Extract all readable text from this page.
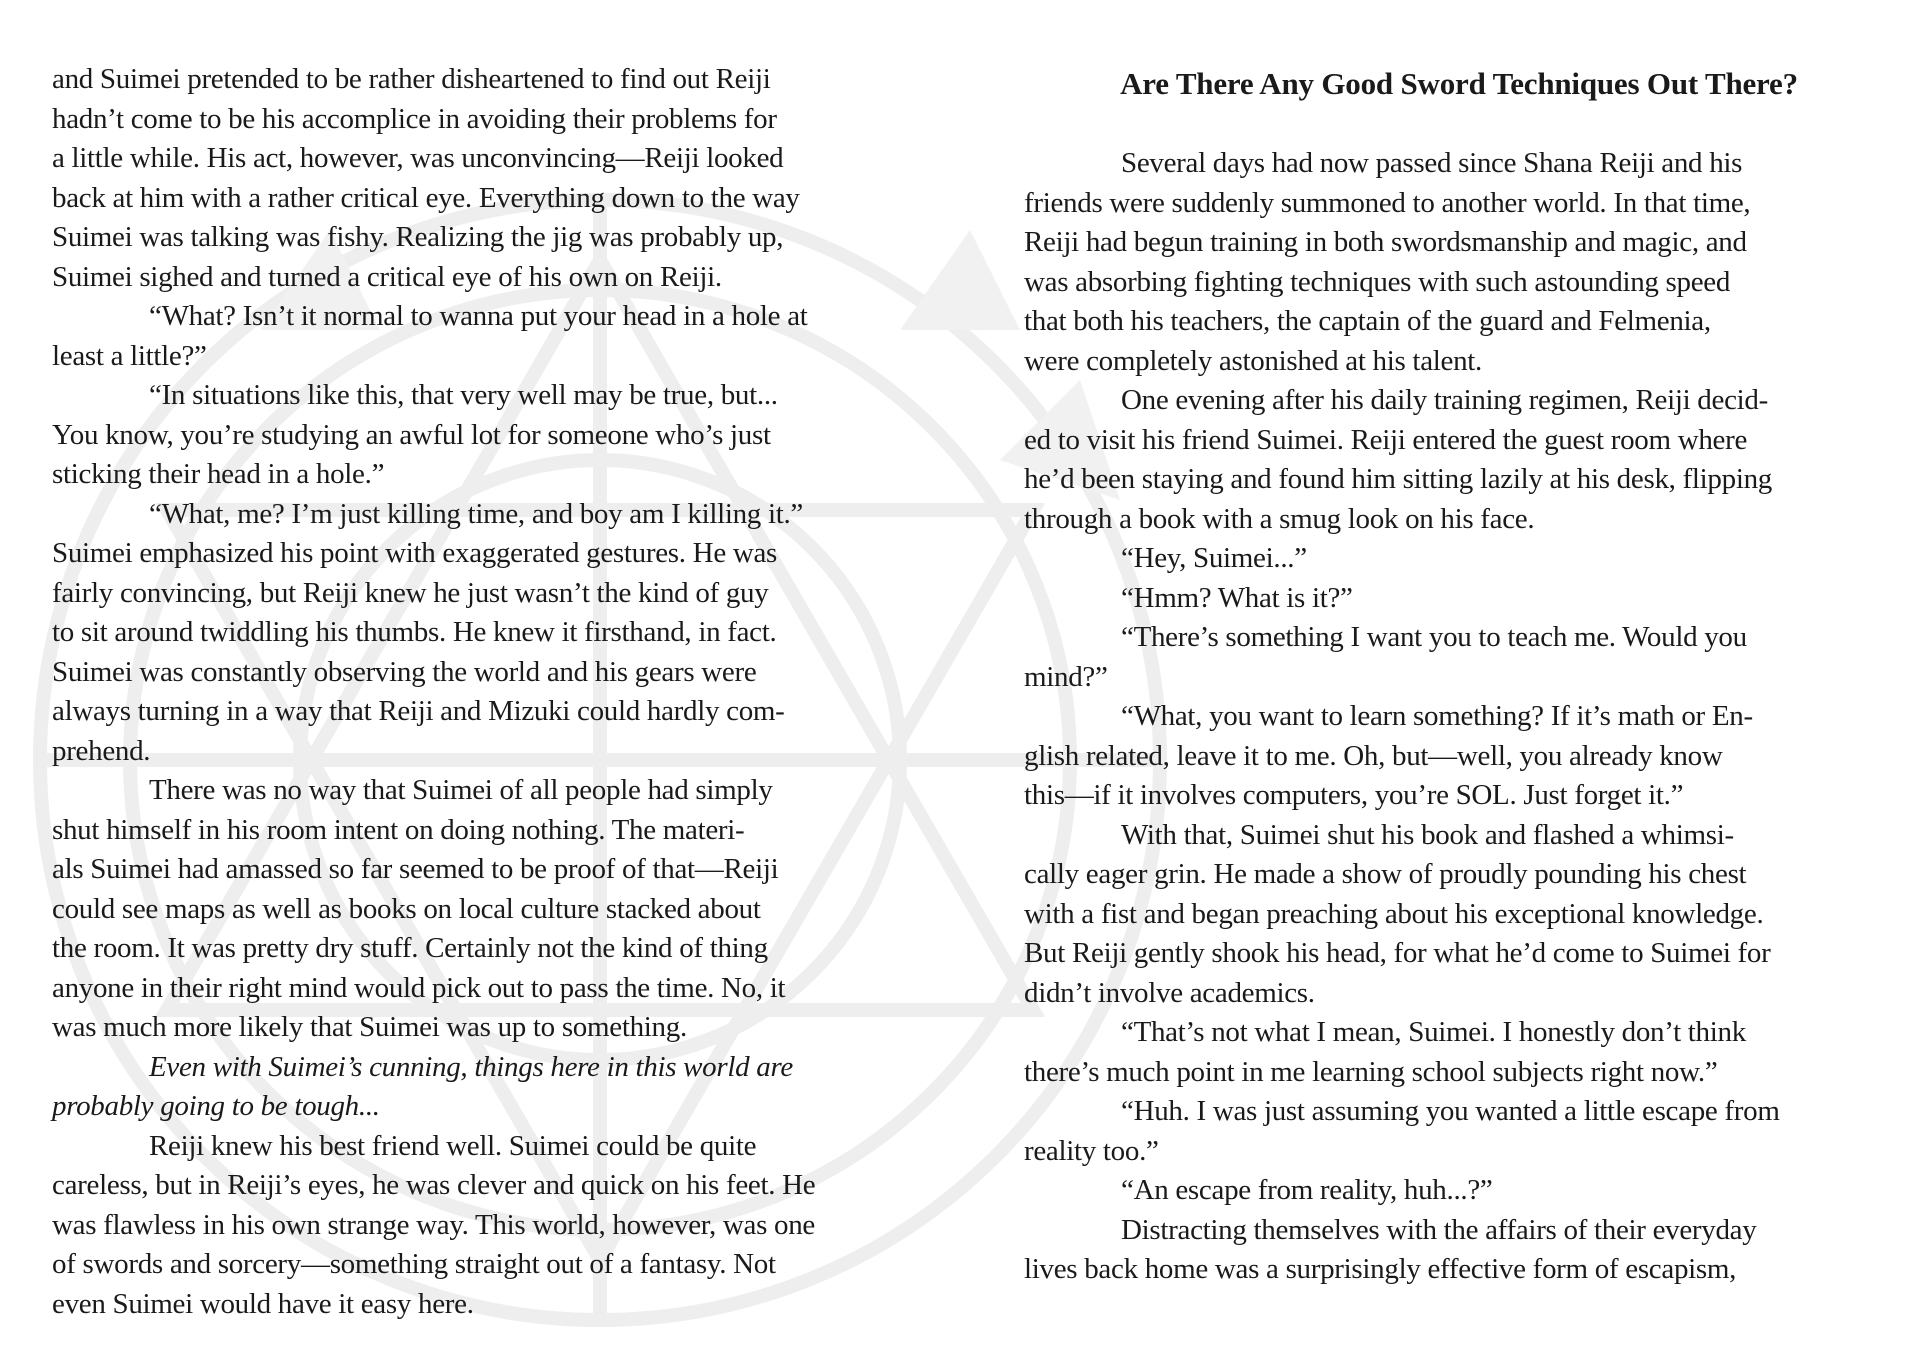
and Suimei pretended to be rather disheartened to find out Reiji
hadn’t come to be his accomplice in avoiding their problems for
a little while. His act, however, was unconvincing—Reiji looked
back at him with a rather critical eye. Everything down to the way
Suimei was talking was fishy. Realizing the jig was probably up,
Suimei sighed and turned a critical eye of his own on Reiji.
“What? Isn’t it normal to wanna put your head in a hole at
least a little?”
“In situations like this, that very well may be true, but...
You know, you’re studying an awful lot for someone who’s just
sticking their head in a hole.”
“What, me? I’m just killing time, and boy am I killing it.”
Suimei emphasized his point with exaggerated gestures. He was
fairly convincing, but Reiji knew he just wasn’t the kind of guy
to sit around twiddling his thumbs. He knew it firsthand, in fact.
Suimei was constantly observing the world and his gears were
always turning in a way that Reiji and Mizuki could hardly com-
prehend.
There was no way that Suimei of all people had simply
shut himself in his room intent on doing nothing. The materi-
als Suimei had amassed so far seemed to be proof of that—Reiji
could see maps as well as books on local culture stacked about
the room. It was pretty dry stuff. Certainly not the kind of thing
anyone in their right mind would pick out to pass the time. No, it
was much more likely that Suimei was up to something.
Even with Suimei’s cunning, things here in this world are
probably going to be tough...
Reiji knew his best friend well. Suimei could be quite
careless, but in Reiji’s eyes, he was clever and quick on his feet. He
was flawless in his own strange way. This world, however, was one
of swords and sorcery—something straight out of a fantasy. Not
even Suimei would have it easy here.
Are There Any Good Sword Techniques Out There?
Several days had now passed since Shana Reiji and his
friends were suddenly summoned to another world. In that time,
Reiji had begun training in both swordsmanship and magic, and
was absorbing fighting techniques with such astounding speed
that both his teachers, the captain of the guard and Felmenia,
were completely astonished at his talent.
One evening after his daily training regimen, Reiji decid-
ed to visit his friend Suimei. Reiji entered the guest room where
he’d been staying and found him sitting lazily at his desk, flipping
through a book with a smug look on his face.
“Hey, Suimei...”
“Hmm? What is it?”
“There’s something I want you to teach me. Would you
mind?”
“What, you want to learn something? If it’s math or En-
glish related, leave it to me. Oh, but—well, you already know
this—if it involves computers, you’re SOL. Just forget it.”
With that, Suimei shut his book and flashed a whimsi-
cally eager grin. He made a show of proudly pounding his chest
with a fist and began preaching about his exceptional knowledge.
But Reiji gently shook his head, for what he’d come to Suimei for
didn’t involve academics.
“That’s not what I mean, Suimei. I honestly don’t think
there’s much point in me learning school subjects right now.”
“Huh. I was just assuming you wanted a little escape from
reality too.”
“An escape from reality, huh...?”
Distracting themselves with the affairs of their everyday
lives back home was a surprisingly effective form of escapism,
